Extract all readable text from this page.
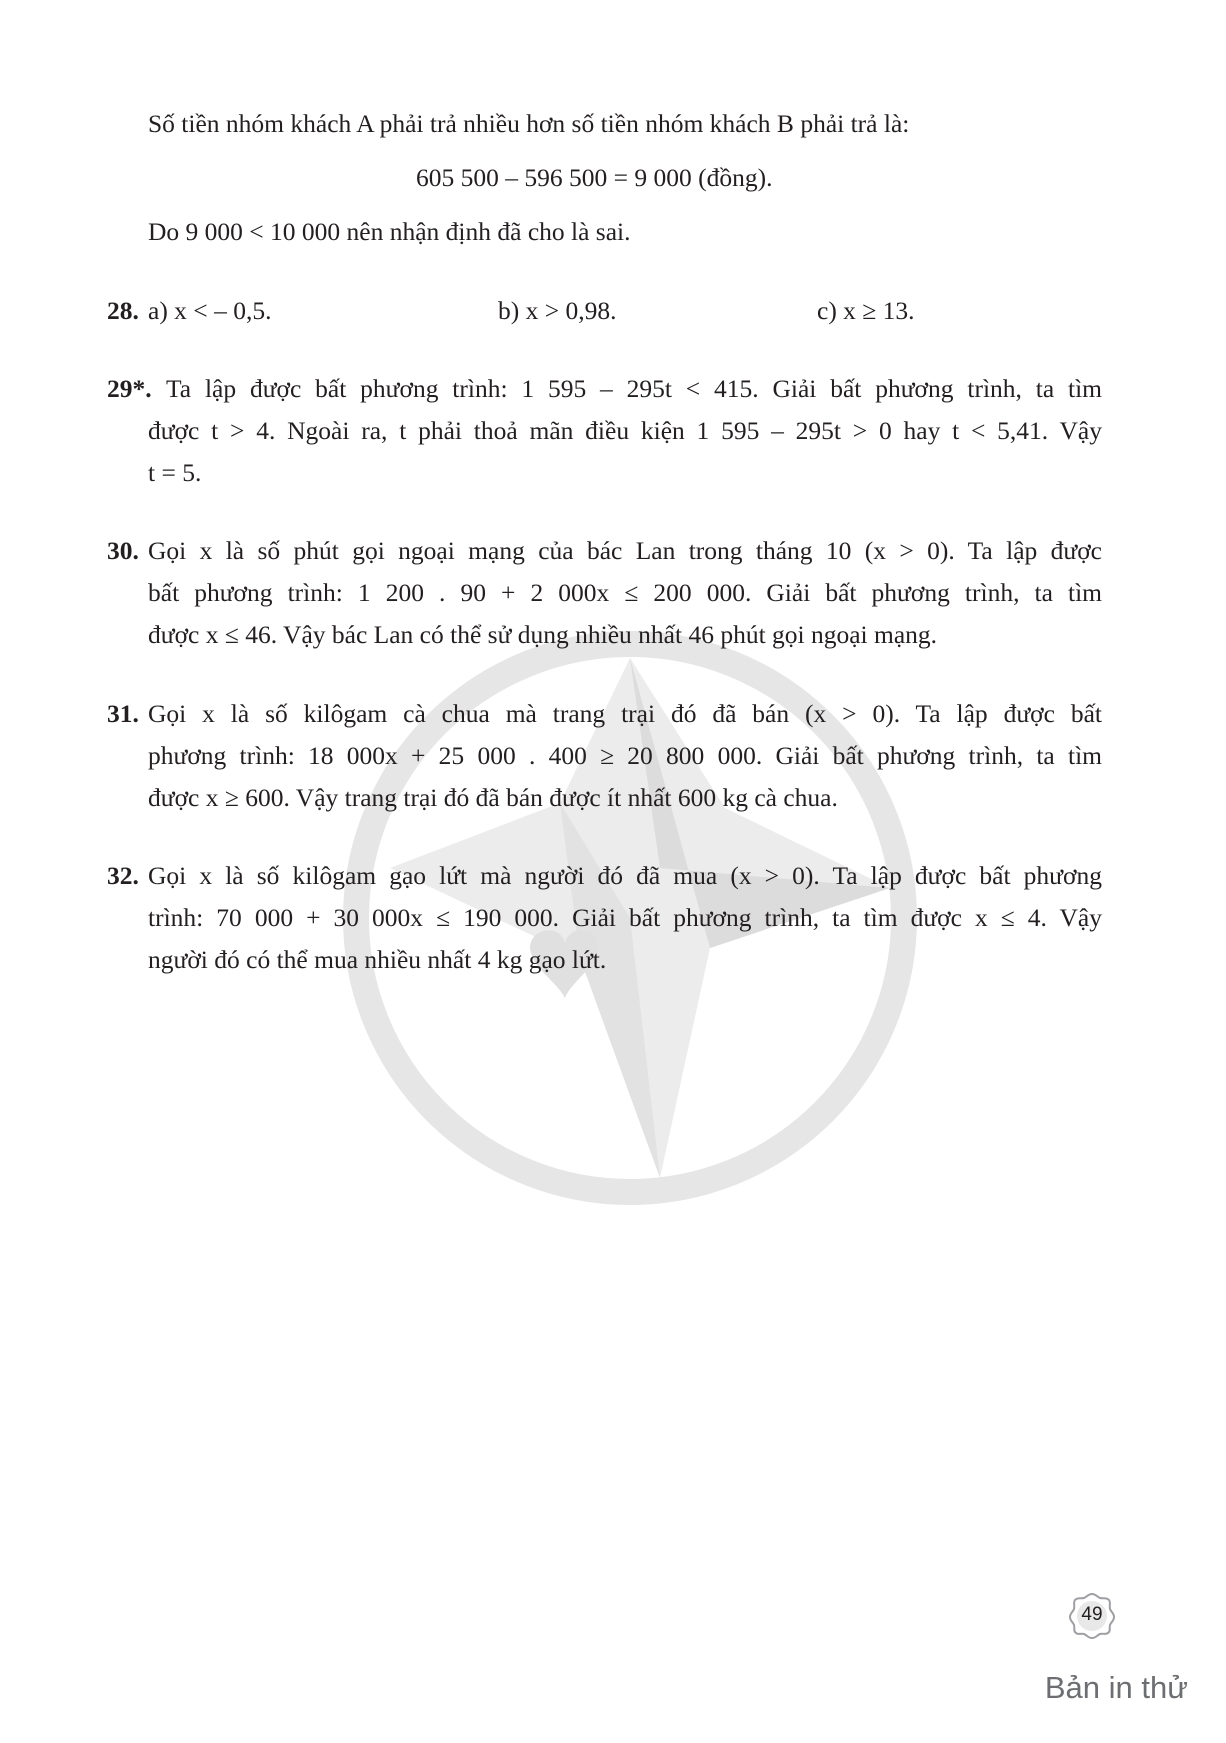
Số tiền nhóm khách A phải trả nhiều hơn số tiền nhóm khách B phải trả là:
605 500 – 596 500 = 9 000 (đồng).
Do 9 000 < 10 000 nên nhận định đã cho là sai.
28. a) x < – 0,5.	b) x > 0,98.	c) x ≥ 13.
29*. Ta lập được bất phương trình: 1 595 – 295t < 415. Giải bất phương trình, ta tìm
được t > 4. Ngoài ra, t phải thoả mãn điều kiện 1 595 – 295t > 0 hay t < 5,41. Vậy
t = 5.
30. Gọi x là số phút gọi ngoại mạng của bác Lan trong tháng 10 (x > 0). Ta lập được
bất phương trình: 1 200 . 90 + 2 000x ≤ 200 000. Giải bất phương trình, ta tìm
được x ≤ 46. Vậy bác Lan có thể sử dụng nhiều nhất 46 phút gọi ngoại mạng.
31. Gọi x là số kilôgam cà chua mà trang trại đó đã bán (x > 0). Ta lập được bất
phương trình: 18 000x + 25 000 . 400 ≥ 20 800 000. Giải bất phương trình, ta tìm
được x ≥ 600. Vậy trang trại đó đã bán được ít nhất 600 kg cà chua.
32. Gọi x là số kilôgam gạo lứt mà người đó đã mua (x > 0). Ta lập được bất phương
trình: 70 000 + 30 000x ≤ 190 000. Giải bất phương trình, ta tìm được x ≤ 4. Vậy
người đó có thể mua nhiều nhất 4 kg gạo lứt.
49
Bản in thử
